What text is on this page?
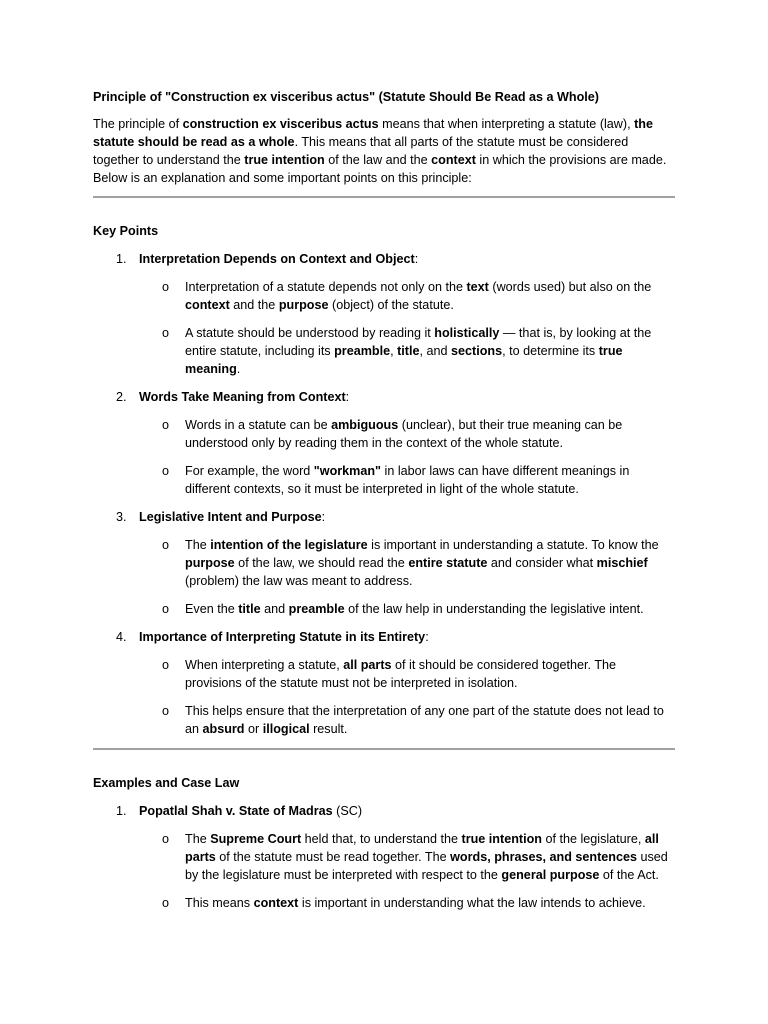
Principle of "Construction ex visceribus actus" (Statute Should Be Read as a Whole)

The principle of construction ex visceribus actus means that when interpreting a statute (law), the statute should be read as a whole. This means that all parts of the statute must be considered together to understand the true intention of the law and the context in which the provisions are made. Below is an explanation and some important points on this principle:

Key Points
1. Interpretation Depends on Context and Object:
o	Interpretation of a statute depends not only on the text (words used) but also on the context and the purpose (object) of the statute.
o	A statute should be understood by reading it holistically — that is, by looking at the entire statute, including its preamble, title, and sections, to determine its true meaning.
2. Words Take Meaning from Context:
o	Words in a statute can be ambiguous (unclear), but their true meaning can be understood only by reading them in the context of the whole statute.
o	For example, the word "workman" in labor laws can have different meanings in different contexts, so it must be interpreted in light of the whole statute.
3. Legislative Intent and Purpose:
o	The intention of the legislature is important in understanding a statute. To know the purpose of the law, we should read the entire statute and consider what mischief (problem) the law was meant to address.
o	Even the title and preamble of the law help in understanding the legislative intent.
4. Importance of Interpreting Statute in its Entirety:
o	When interpreting a statute, all parts of it should be considered together. The provisions of the statute must not be interpreted in isolation.
o	This helps ensure that the interpretation of any one part of the statute does not lead to an absurd or illogical result.
Examples and Case Law
1. Popatlal Shah v. State of Madras (SC)
o	The Supreme Court held that, to understand the true intention of the legislature, all parts of the statute must be read together. The words, phrases, and sentences used by the legislature must be interpreted with respect to the general purpose of the Act.
o	This means context is important in understanding what the law intends to achieve.
